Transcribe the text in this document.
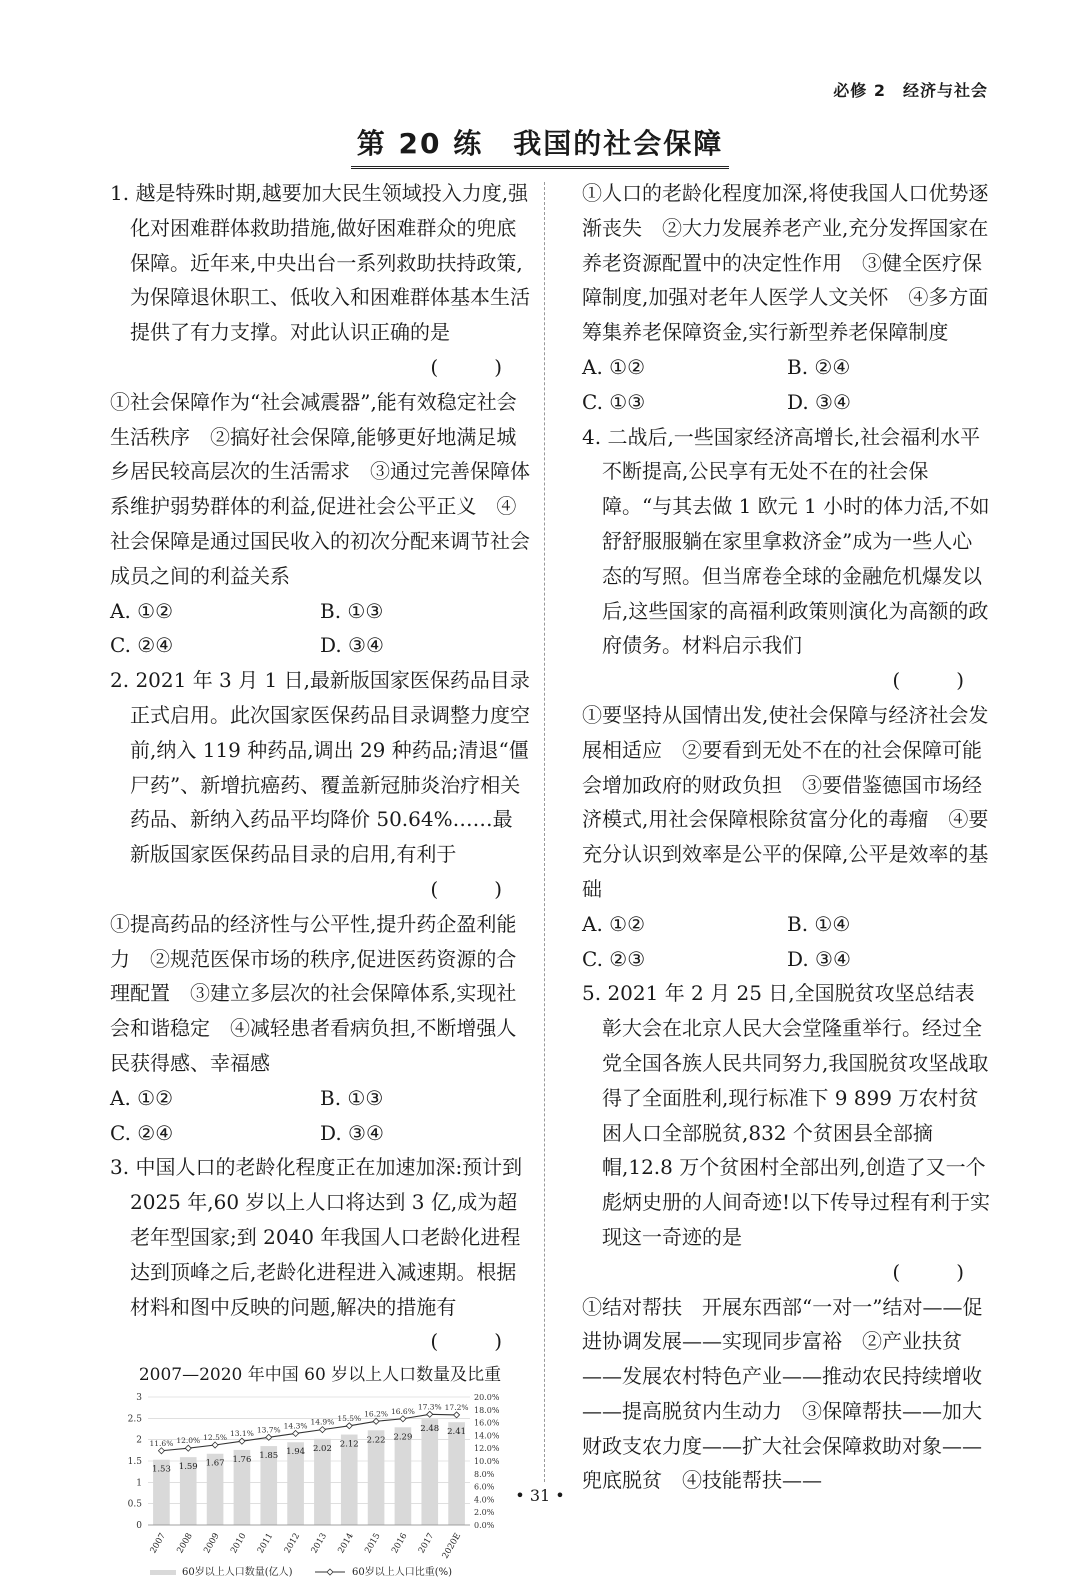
必修 2　经济与社会
第 20 练　我国的社会保障

1. 越是特殊时期,越要加大民生领域投入力度,强化对困难群体救助措施,做好困难群众的兜底保障。近年来,中央出台一系列救助扶持政策,为保障退休职工、低收入和困难群体基本生活提供了有力支撑。对此认识正确的是

(　)

①社会保障作为“社会减震器”,能有效稳定社会生活秩序　②搞好社会保障,能够更好地满足城乡居民较高层次的生活需求　③通过完善保障体系维护弱势群体的利益,促进社会公平正义　④社会保障是通过国民收入的初次分配来调节社会成员之间的利益关系

A. ①②	B. ①③
C. ②④	D. ③④

2. 2021 年 3 月 1 日,最新版国家医保药品目录正式启用。此次国家医保药品目录调整力度空前,纳入 119 种药品,调出 29 种药品;清退“僵尸药”、新增抗癌药、覆盖新冠肺炎治疗相关药品、新纳入药品平均降价 50.64%……最新版国家医保药品目录的启用,有利于

(　)

①提高药品的经济性与公平性,提升药企盈利能力　②规范医保市场的秩序,促进医药资源的合理配置　③建立多层次的社会保障体系,实现社会和谐稳定　④减轻患者看病负担,不断增强人民获得感、幸福感

A. ①②	B. ①③
C. ②④	D. ③④

3. 中国人口的老龄化程度正在加速加深:预计到 2025 年,60 岁以上人口将达到 3 亿,成为超老年型国家;到 2040 年我国人口老龄化进程达到顶峰之后,老龄化进程进入减速期。根据材料和图中反映的问题,解决的措施有

(　)

2007—2020 年中国 60 岁以上人口数量及比重
0
0.5
1
1.5
2
2.5
3
0.0%
2.0%
4.0%
6.0%
8.0%
10.0%
12.0%
14.0%
16.0%
18.0%
20.0%
1.53
2007
1.59
2008
1.67
2009
1.76
2010
1.85
2011
1.94
2012
2.02
2013
2.12
2014
2.22
2015
2.29
2016
2.48
2017
2.41
2020E
11.6% 12.0% 12.5% 13.1% 13.7% 14.3% 14.9% 15.5% 16.2% 16.6% 17.3% 17.2%
60岁以上人口数量(亿人)	60岁以上人口比重(%)

①人口的老龄化程度加深,将使我国人口优势逐渐丧失　②大力发展养老产业,充分发挥国家在养老资源配置中的决定性作用　③健全医疗保障制度,加强对老年人医学人文关怀　④多方面筹集养老保障资金,实行新型养老保障制度

A. ①②	B. ②④
C. ①③	D. ③④

4. 二战后,一些国家经济高增长,社会福利水平不断提高,公民享有无处不在的社会保障。“与其去做 1 欧元 1 小时的体力活,不如舒舒服服躺在家里拿救济金”成为一些人心态的写照。但当席卷全球的金融危机爆发以后,这些国家的高福利政策则演化为高额的政府债务。材料启示我们

(　)

①要坚持从国情出发,使社会保障与经济社会发展相适应　②要看到无处不在的社会保障可能会增加政府的财政负担　③要借鉴德国市场经济模式,用社会保障根除贫富分化的毒瘤　④要充分认识到效率是公平的保障,公平是效率的基础

A. ①②	B. ①④
C. ②③	D. ③④

5. 2021 年 2 月 25 日,全国脱贫攻坚总结表彰大会在北京人民大会堂隆重举行。经过全党全国各族人民共同努力,我国脱贫攻坚战取得了全面胜利,现行标准下 9 899 万农村贫困人口全部脱贫,832 个贫困县全部摘帽,12.8 万个贫困村全部出列,创造了又一个彪炳史册的人间奇迹!以下传导过程有利于实现这一奇迹的是

(　)

①结对帮扶　开展东西部“一对一”结对——促进协调发展——实现同步富裕　②产业扶贫——发展农村特色产业——推动农民持续增收——提高脱贫内生动力　③保障帮扶——加大财政支农力度——扩大社会保障救助对象——兜底脱贫　④技能帮扶——

• 31 •
